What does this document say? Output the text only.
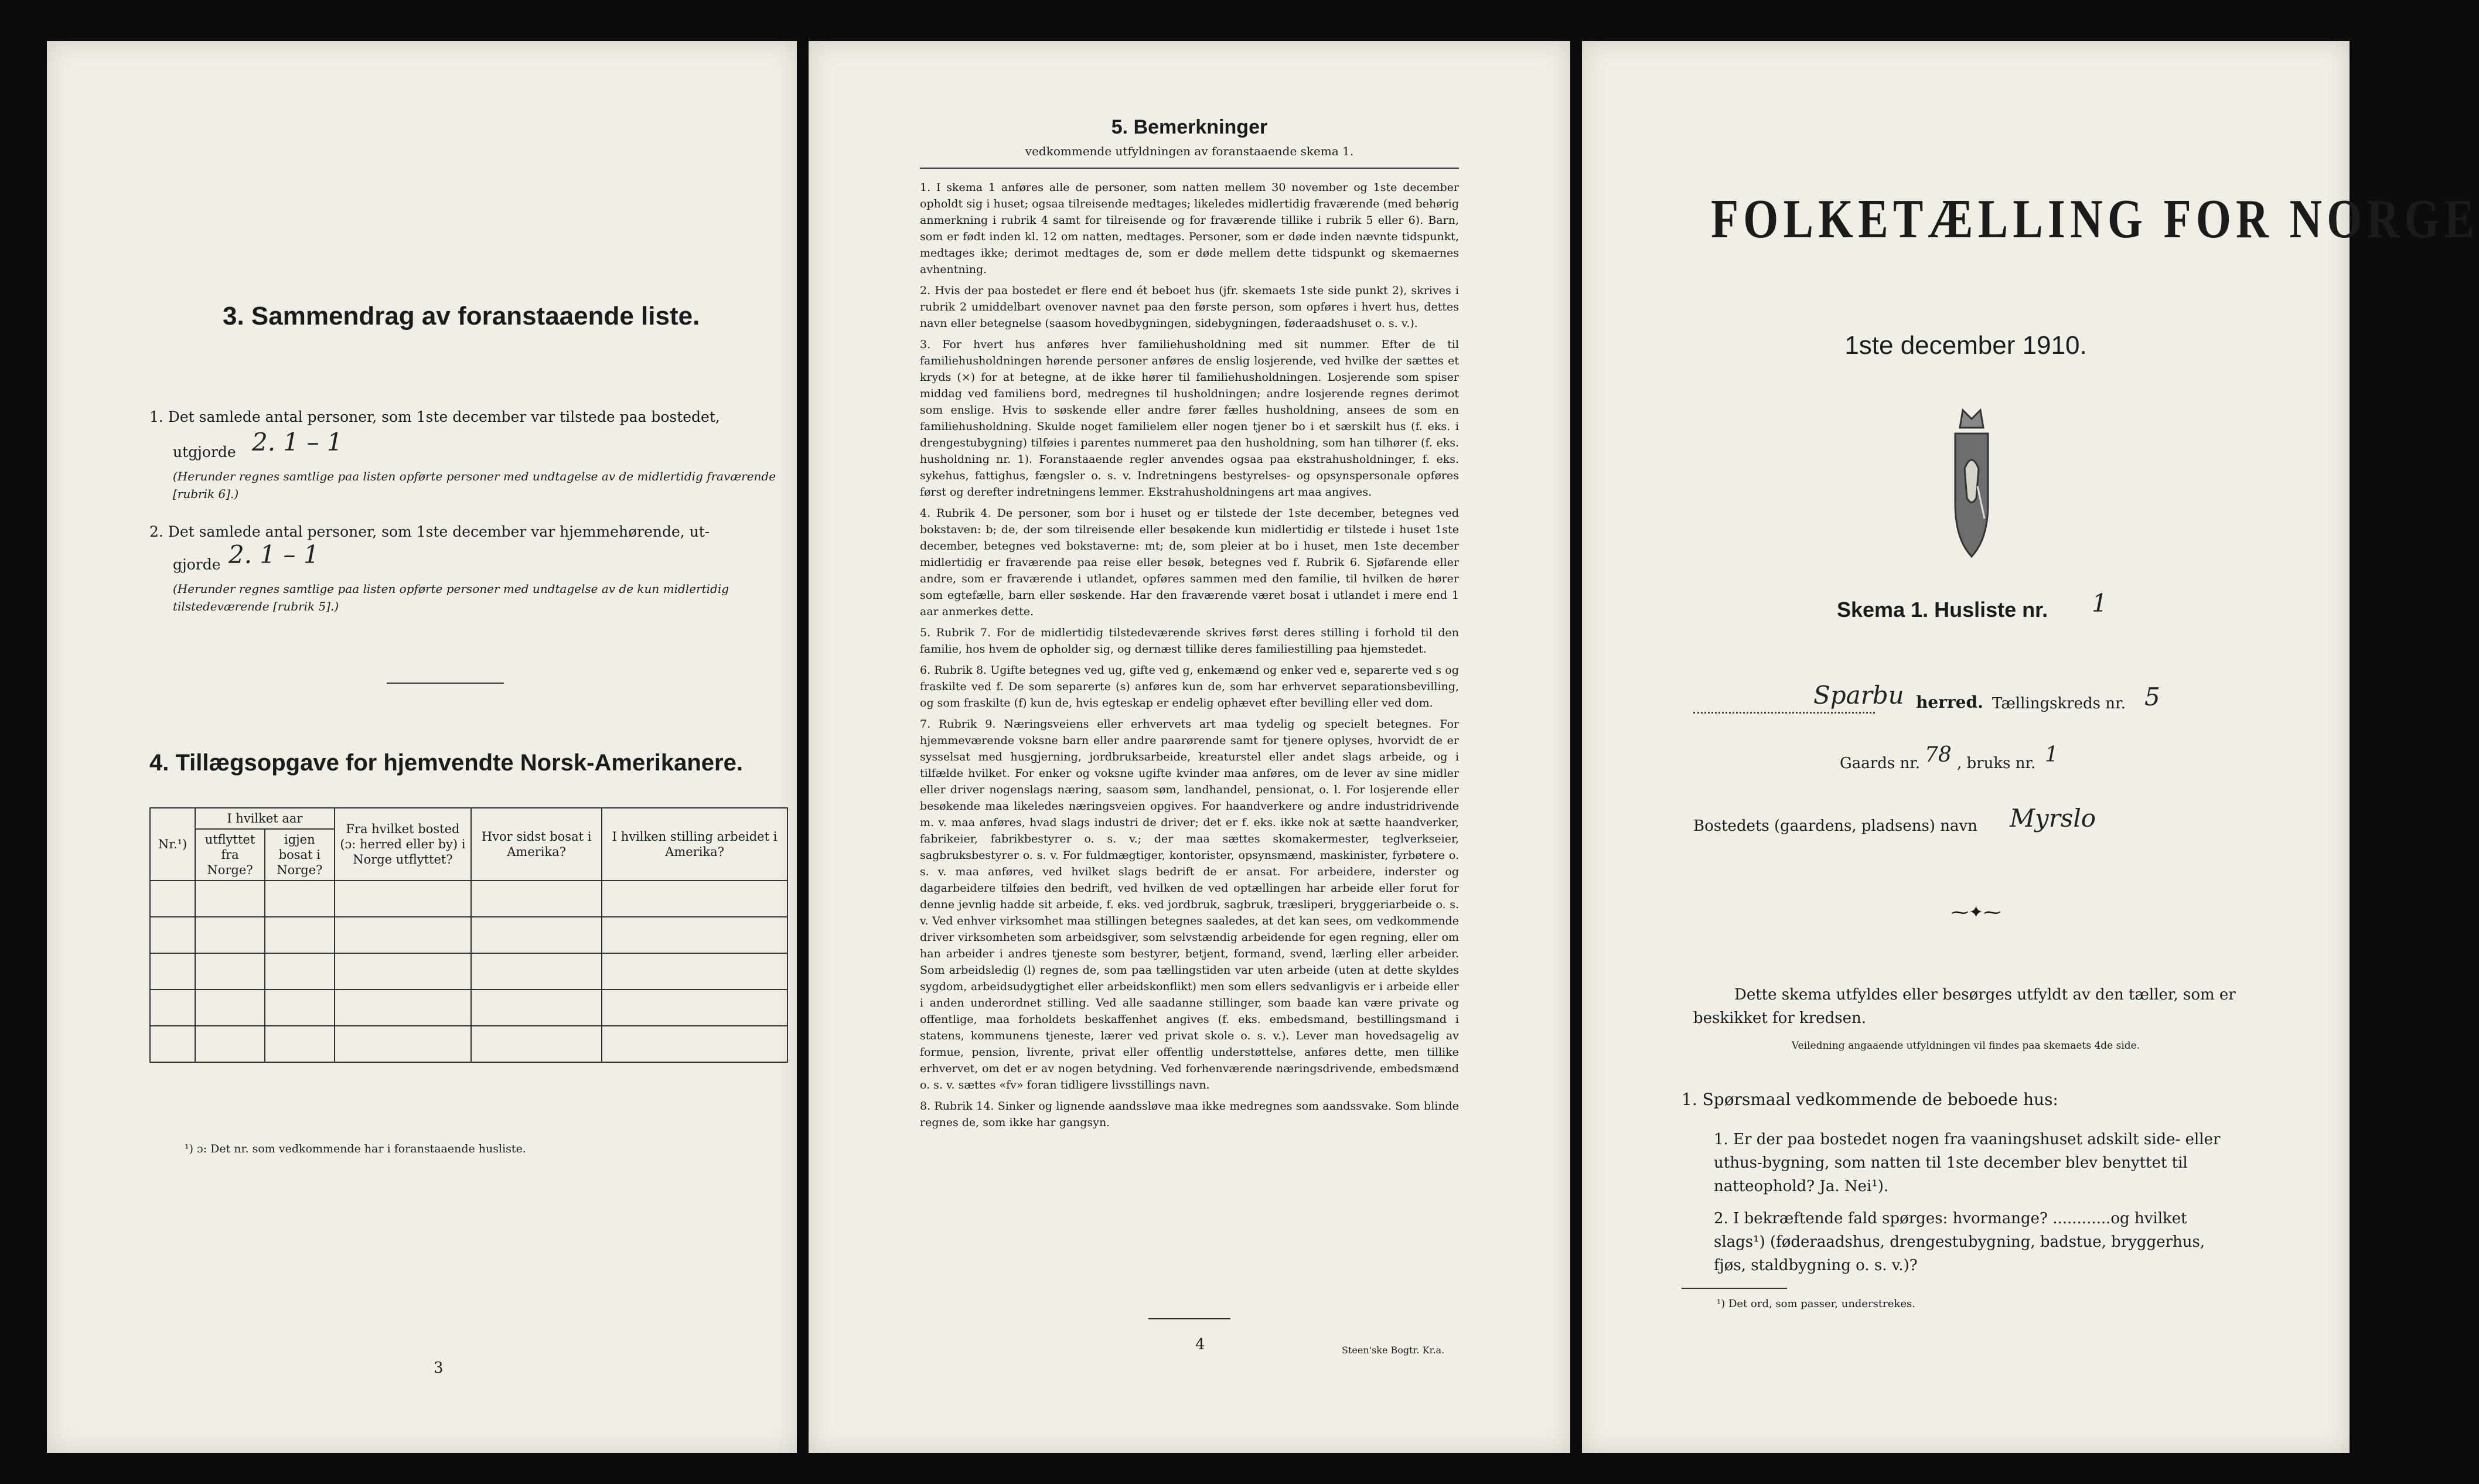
3. Sammendrag av foranstaaende liste.
1. Det samlede antal personer, som 1ste december var tilstede paa bostedet,
utgjorde 2. 1 – 1
(Herunder regnes samtlige paa listen opførte personer med undtagelse av de midlertidig fraværende [rubrik 6].)
2. Det samlede antal personer, som 1ste december var hjemmehørende, ut-
gjorde 2. 1 – 1
(Herunder regnes samtlige paa listen opførte personer med undtagelse av de kun midlertidig tilstedeværende [rubrik 5].)
4. Tillægsopgave for hjemvendte Norsk-Amerikanere.
Nr.¹)	I hvilket aar		Fra hvilket bosted (ɔ: herred eller by) i Norge utflyttet?	Hvor sidst bosat i Amerika?	I hvilken stilling arbeidet i Amerika?
	utflyttet fra Norge?	igjen bosat i Norge?			

¹) ɔ: Det nr. som vedkommende har i foranstaaende husliste.
3
5. Bemerkninger
vedkommende utfyldningen av foranstaaende skema 1.

1. I skema 1 anføres alle de personer, som natten mellem 30 november og 1ste december opholdt sig i huset; ogsaa tilreisende medtages; likeledes midlertidig fraværende (med behørig anmerkning i rubrik 4 samt for tilreisende og for fraværende tillike i rubrik 5 eller 6). Barn, som er født inden kl. 12 om natten, medtages. Personer, som er døde inden nævnte tidspunkt, medtages ikke; derimot medtages de, som er døde mellem dette tidspunkt og skemaernes avhentning.

2. Hvis der paa bostedet er flere end ét beboet hus (jfr. skemaets 1ste side punkt 2), skrives i rubrik 2 umiddelbart ovenover navnet paa den første person, som opføres i hvert hus, dettes navn eller betegnelse (saasom hovedbygningen, sidebygningen, føderaadshuset o. s. v.).

3. For hvert hus anføres hver familiehusholdning med sit nummer. Efter de til familiehusholdningen hørende personer anføres de enslig losjerende, ved hvilke der sættes et kryds (×) for at betegne, at de ikke hører til familiehusholdningen. Losjerende som spiser middag ved familiens bord, medregnes til husholdningen; andre losjerende regnes derimot som enslige. Hvis to søskende eller andre fører fælles husholdning, ansees de som en familiehusholdning. Skulde noget familielem eller nogen tjener bo i et særskilt hus (f. eks. i drengestubygning) tilføies i parentes nummeret paa den husholdning, som han tilhører (f. eks. husholdning nr. 1). Foranstaaende regler anvendes ogsaa paa ekstrahusholdninger, f. eks. sykehus, fattighus, fængsler o. s. v. Indretningens bestyrelses- og opsynspersonale opføres først og derefter indretningens lemmer. Ekstrahusholdningens art maa angives.

4. Rubrik 4. De personer, som bor i huset og er tilstede der 1ste december, betegnes ved bokstaven: b; de, der som tilreisende eller besøkende kun midlertidig er tilstede i huset 1ste december, betegnes ved bokstaverne: mt; de, som pleier at bo i huset, men 1ste december midlertidig er fraværende paa reise eller besøk, betegnes ved f. Rubrik 6. Sjøfarende eller andre, som er fraværende i utlandet, opføres sammen med den familie, til hvilken de hører som egtefælle, barn eller søskende. Har den fraværende været bosat i utlandet i mere end 1 aar anmerkes dette.

5. Rubrik 7. For de midlertidig tilstedeværende skrives først deres stilling i forhold til den familie, hos hvem de opholder sig, og dernæst tillike deres familiestilling paa hjemstedet.

6. Rubrik 8. Ugifte betegnes ved ug, gifte ved g, enkemænd og enker ved e, separerte ved s og fraskilte ved f. De som separerte (s) anføres kun de, som har erhvervet separationsbevilling, og som fraskilte (f) kun de, hvis egteskap er endelig ophævet efter bevilling eller ved dom.

7. Rubrik 9. Næringsveiens eller erhvervets art maa tydelig og specielt betegnes. For hjemmeværende voksne barn eller andre paarørende samt for tjenere oplyses, hvorvidt de er sysselsat med husgjerning, jordbruksarbeide, kreaturstel eller andet slags arbeide, og i tilfælde hvilket. For enker og voksne ugifte kvinder maa anføres, om de lever av sine midler eller driver nogenslags næring, saasom søm, landhandel, pensionat, o. l. For losjerende eller besøkende maa likeledes næringsveien opgives. For haandverkere og andre industridrivende m. v. maa anføres, hvad slags industri de driver; det er f. eks. ikke nok at sætte haandverker, fabrikeier, fabrikbestyrer o. s. v.; der maa sættes skomakermester, teglverkseier, sagbruksbestyrer o. s. v. For fuldmægtiger, kontorister, opsynsmænd, maskinister, fyrbøtere o. s. v. maa anføres, ved hvilket slags bedrift de er ansat. For arbeidere, inderster og dagarbeidere tilføies den bedrift, ved hvilken de ved optællingen har arbeide eller forut for denne jevnlig hadde sit arbeide, f. eks. ved jordbruk, sagbruk, træsliperi, bryggeriarbeide o. s. v. Ved enhver virksomhet maa stillingen betegnes saaledes, at det kan sees, om vedkommende driver virksomheten som arbeidsgiver, som selvstændig arbeidende for egen regning, eller om han arbeider i andres tjeneste som bestyrer, betjent, formand, svend, lærling eller arbeider. Som arbeidsledig (l) regnes de, som paa tællingstiden var uten arbeide (uten at dette skyldes sygdom, arbeidsudygtighet eller arbeidskonflikt) men som ellers sedvanligvis er i arbeide eller i anden underordnet stilling. Ved alle saadanne stillinger, som baade kan være private og offentlige, maa forholdets beskaffenhet angives (f. eks. embedsmand, bestillingsmand i statens, kommunens tjeneste, lærer ved privat skole o. s. v.). Lever man hovedsagelig av formue, pension, livrente, privat eller offentlig understøttelse, anføres dette, men tillike erhvervet, om det er av nogen betydning. Ved forhenværende næringsdrivende, embedsmænd o. s. v. sættes «fv» foran tidligere livsstillings navn.

8. Rubrik 14. Sinker og lignende aandssløve maa ikke medregnes som aandssvake. Som blinde regnes de, som ikke har gangsyn.

4	Steen'ske Bogtr. Kr.a.
FOLKETÆLLING FOR NORGE
1ste december 1910.
Skema 1. Husliste nr. 1
Sparbu herred. Tællingskreds nr. 5
Gaards nr. 78 , bruks nr. 1
Bostedets (gaardens, pladsens) navn Myrslo
⁓✦⁓
Dette skema utfyldes eller besørges utfyldt av den tæller, som er beskikket for kredsen.
Veiledning angaaende utfyldningen vil findes paa skemaets 4de side.
1. Spørsmaal vedkommende de beboede hus:
1. Er der paa bostedet nogen fra vaaningshuset adskilt side- eller uthus-bygning, som natten til 1ste december blev benyttet til natteophold? Ja. Nei¹).
2. I bekræftende fald spørges: hvormange? ............og hvilket slags¹) (føderaadshus, drengestubygning, badstue, bryggerhus, fjøs, staldbygning o. s. v.)?
¹) Det ord, som passer, understrekes.
